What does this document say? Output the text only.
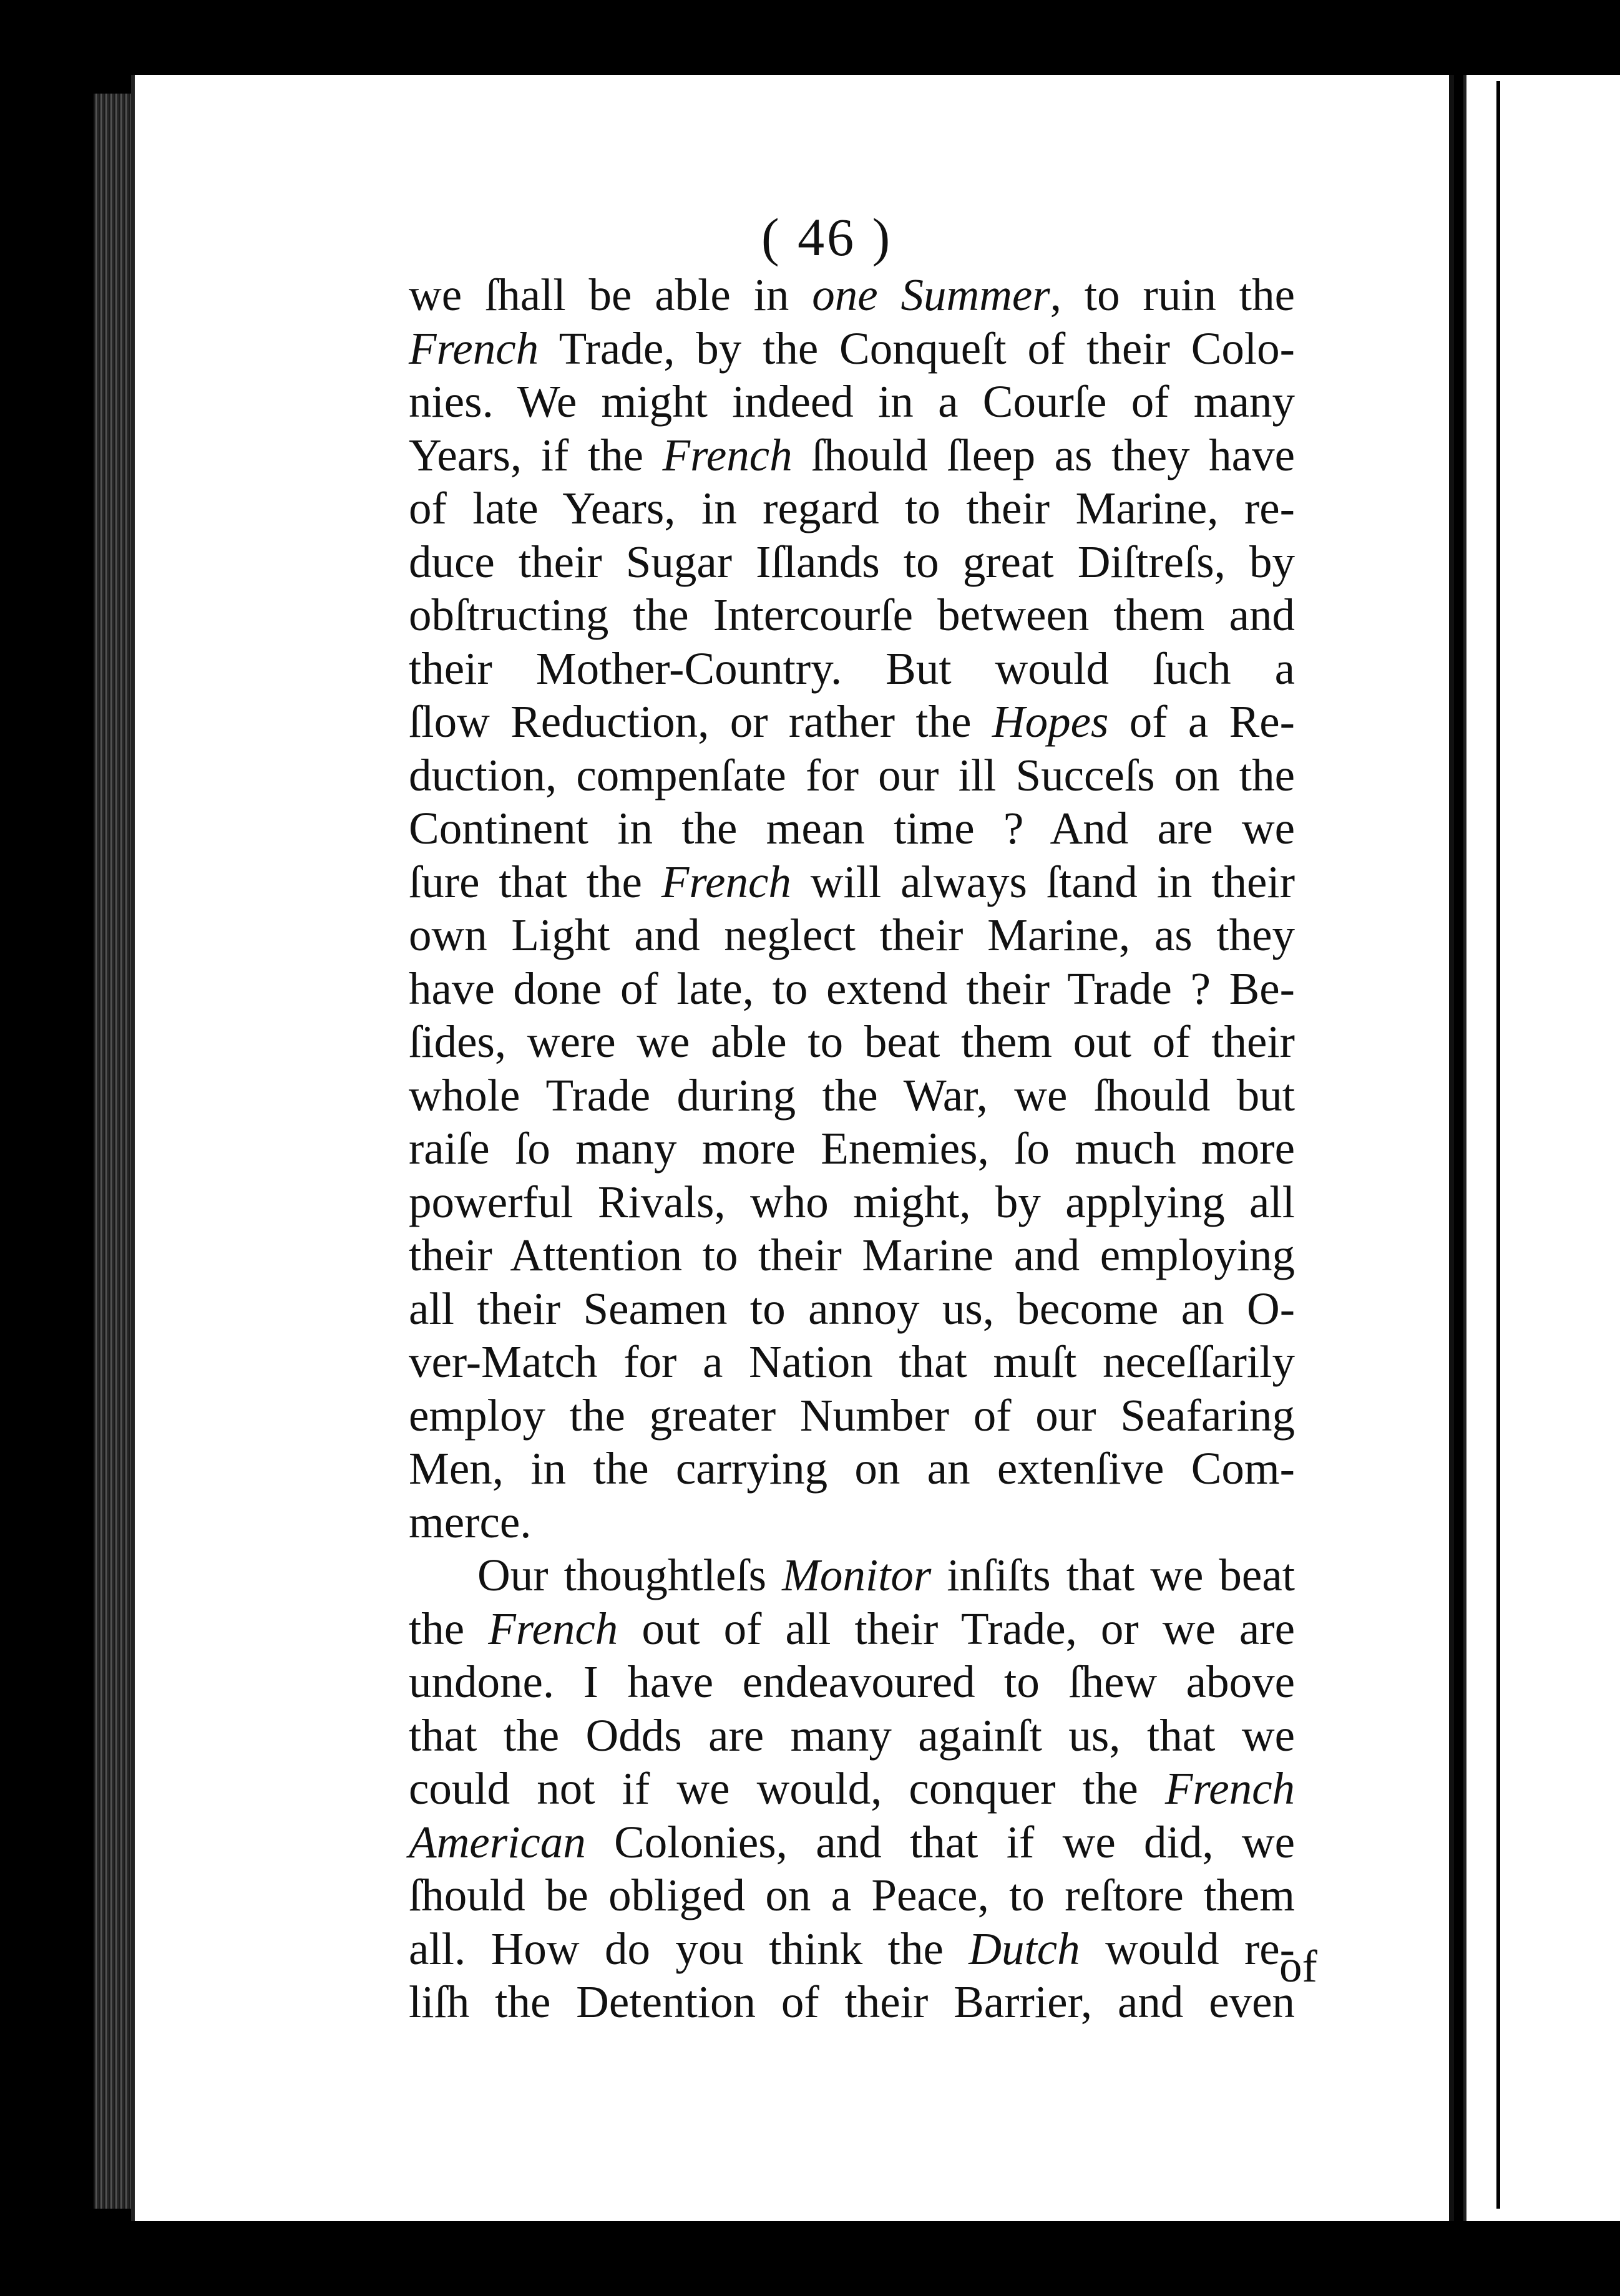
( 46 )
we ſhall be able in one Summer, to ruin the
French Trade, by the Conqueſt of their Colo-
nies. We might indeed in a Courſe of many
Years, if the French ſhould ſleep as they have
of late Years, in regard to their Marine, re-
duce their Sugar Iſlands to great Diſtreſs, by
obſtructing the Intercourſe between them and
their Mother-Country. But would ſuch a
ſlow Reduction, or rather the Hopes of a Re-
duction, compenſate for our ill Succeſs on the
Continent in the mean time ? And are we
ſure that the French will always ſtand in their
own Light and neglect their Marine, as they
have done of late, to extend their Trade ? Be-
ſides, were we able to beat them out of their
whole Trade during the War, we ſhould but
raiſe ſo many more Enemies, ſo much more
powerful Rivals, who might, by applying all
their Attention to their Marine and employing
all their Seamen to annoy us, become an O-
ver-Match for a Nation that muſt neceſſarily
employ the greater Number of our Seafaring
Men, in the carrying on an extenſive Com-
merce.
Our thoughtleſs Monitor inſiſts that we beat
the French out of all their Trade, or we are
undone. I have endeavoured to ſhew above
that the Odds are many againſt us, that we
could not if we would, conquer the French
American Colonies, and that if we did, we
ſhould be obliged on a Peace, to reſtore them
all. How do you think the Dutch would re-
liſh the Detention of their Barrier, and even
of
